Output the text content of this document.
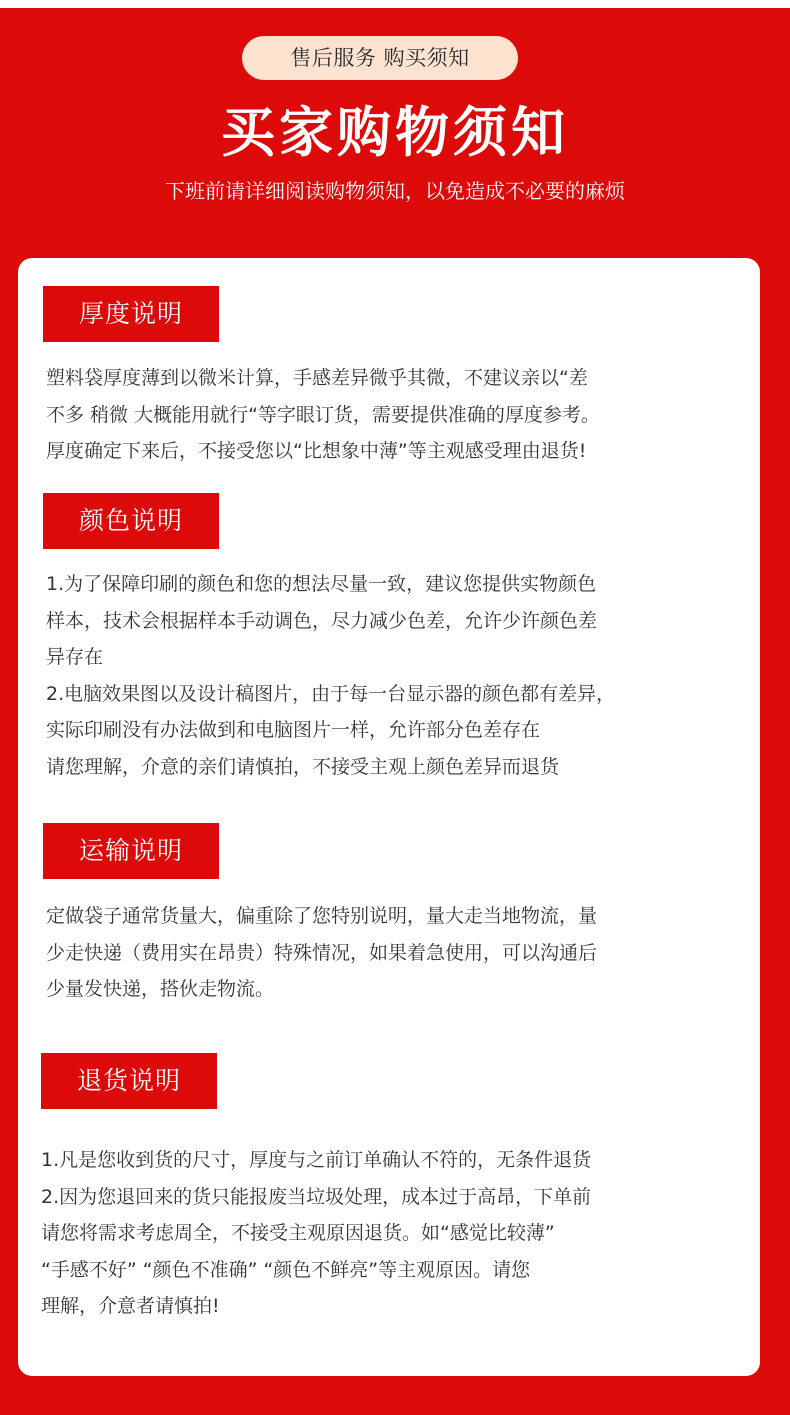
售后服务 购买须知
买家购物须知
下班前请详细阅读购物须知，以免造成不必要的麻烦
厚度说明
塑料袋厚度薄到以微米计算，手感差异微乎其微，不建议亲以“差
不多 稍微 大概能用就行“等字眼订货，需要提供准确的厚度参考。
厚度确定下来后，不接受您以“比想象中薄”等主观感受理由退货!
颜色说明
1.为了保障印刷的颜色和您的想法尽量一致，建议您提供实物颜色
样本，技术会根据样本手动调色，尽力减少色差，允许少许颜色差
异存在
2.电脑效果图以及设计稿图片，由于每一台显示器的颜色都有差异，
实际印刷没有办法做到和电脑图片一样，允许部分色差存在
请您理解，介意的亲们请慎拍，不接受主观上颜色差异而退货
运输说明
定做袋子通常货量大，偏重除了您特别说明，量大走当地物流，量
少走快递（费用实在昂贵）特殊情况，如果着急使用，可以沟通后
少量发快递，搭伙走物流。
退货说明
1.凡是您收到货的尺寸，厚度与之前订单确认不符的，无条件退货
2.因为您退回来的货只能报废当垃圾处理，成本过于高昂，下单前
请您将需求考虑周全，不接受主观原因退货。如“感觉比较薄”
“手感不好” “颜色不准确” “颜色不鲜亮”等主观原因。请您
理解，介意者请慎拍!
